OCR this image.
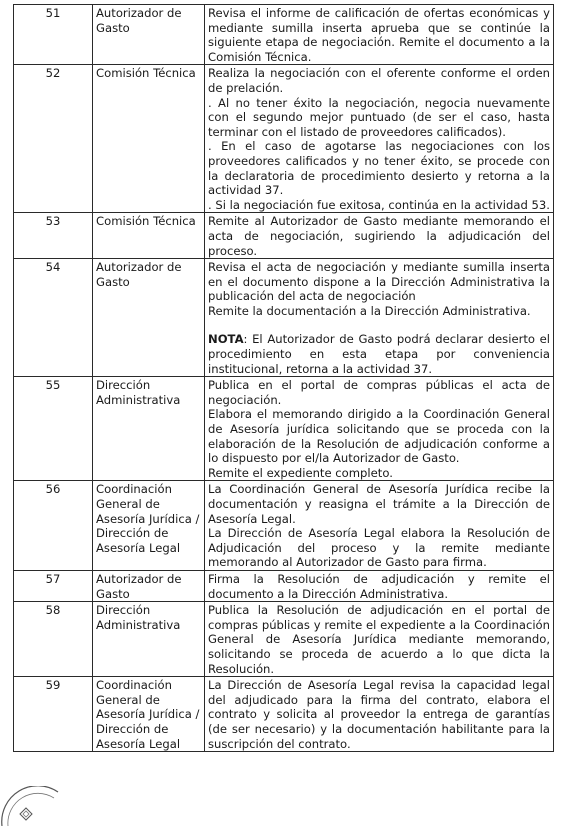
51	Autorizador de Gasto	Revisa el informe de calificación de ofertas económicas y mediante sumilla inserta aprueba que se continúe la siguiente etapa de negociación. Remite el documento a la Comisión Técnica.

52	Comisión Técnica	Realiza la negociación con el oferente conforme el orden de prelación.

. Al no tener éxito la negociación, negocia nuevamente con el segundo mejor puntuado (de ser el caso, hasta terminar con el listado de proveedores calificados).

. En el caso de agotarse las negociaciones con los proveedores calificados y no tener éxito, se procede con la declaratoria de procedimiento desierto y retorna a la actividad 37.

. Si la negociación fue exitosa, continúa en la actividad 53.

53	Comisión Técnica	Remite al Autorizador de Gasto mediante memorando el acta de negociación, sugiriendo la adjudicación del proceso.

54	Autorizador de Gasto	Revisa el acta de negociación y mediante sumilla inserta en el documento dispone a la Dirección Administrativa la publicación del acta de negociación

Remite la documentación a la Dirección Administrativa.

NOTA: El Autorizador de Gasto podrá declarar desierto el procedimiento en esta etapa por conveniencia institucional, retorna a la actividad 37.

55	Dirección Administrativa	Publica en el portal de compras públicas el acta de negociación.

Elabora el memorando dirigido a la Coordinación General de Asesoría jurídica solicitando que se proceda con la elaboración de la Resolución de adjudicación conforme a lo dispuesto por el/la Autorizador de Gasto.

Remite el expediente completo.

56	Coordinación General de Asesoría Jurídica / Dirección de Asesoría Legal	La Coordinación General de Asesoría Jurídica recibe la documentación y reasigna el trámite a la Dirección de Asesoría Legal.

La Dirección de Asesoría Legal elabora la Resolución de Adjudicación del proceso y la remite mediante memorando al Autorizador de Gasto para firma.

57	Autorizador de Gasto	Firma la Resolución de adjudicación y remite el documento a la Dirección Administrativa.

58	Dirección Administrativa	Publica la Resolución de adjudicación en el portal de compras públicas y remite el expediente a la Coordinación General de Asesoría Jurídica mediante memorando, solicitando se proceda de acuerdo a lo que dicta la Resolución.

59	Coordinación General de Asesoría Jurídica / Dirección de Asesoría Legal	La Dirección de Asesoría Legal revisa la capacidad legal del adjudicado para la firma del contrato, elabora el contrato y solicita al proveedor la entrega de garantías (de ser necesario) y la documentación habilitante para la suscripción del contrato.
